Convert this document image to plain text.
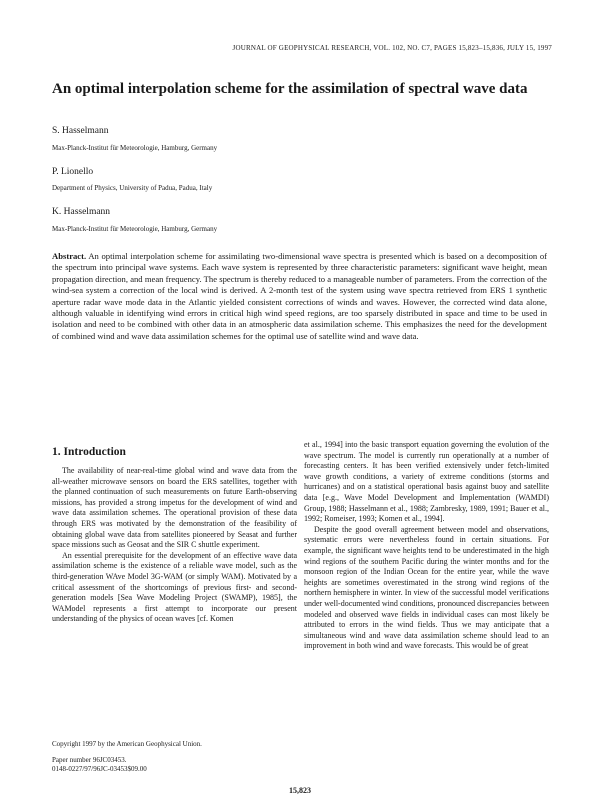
JOURNAL OF GEOPHYSICAL RESEARCH, VOL. 102, NO. C7, PAGES 15,823–15,836, JULY 15, 1997
An optimal interpolation scheme for the assimilation of spectral wave data
S. Hasselmann
Max-Planck-Institut für Meteorologie, Hamburg, Germany
P. Lionello
Department of Physics, University of Padua, Padua, Italy
K. Hasselmann
Max-Planck-Institut für Meteorologie, Hamburg, Germany
Abstract. An optimal interpolation scheme for assimilating two-dimensional wave spectra is presented which is based on a decomposition of the spectrum into principal wave systems. Each wave system is represented by three characteristic parameters: significant wave height, mean propagation direction, and mean frequency. The spectrum is thereby reduced to a manageable number of parameters. From the correction of the wind-sea system a correction of the local wind is derived. A 2-month test of the system using wave spectra retrieved from ERS 1 synthetic aperture radar wave mode data in the Atlantic yielded consistent corrections of winds and waves. However, the corrected wind data alone, although valuable in identifying wind errors in critical high wind speed regions, are too sparsely distributed in space and time to be used in isolation and need to be combined with other data in an atmospheric data assimilation scheme. This emphasizes the need for the development of combined wind and wave data assimilation schemes for the optimal use of satellite wind and wave data.
1. Introduction

The availability of near-real-time global wind and wave data from the all-weather microwave sensors on board the ERS satellites, together with the planned continuation of such measurements on future Earth-observing missions, has provided a strong impetus for the development of wind and wave data assimilation schemes. The operational provision of these data through ERS was motivated by the demonstration of the feasibility of obtaining global wave data from satellites pioneered by Seasat and further space missions such as Geosat and the SIR C shuttle experiment.

An essential prerequisite for the development of an effective wave data assimilation scheme is the existence of a reliable wave model, such as the third-generation WAve Model 3G-WAM (or simply WAM). Motivated by a critical assessment of the shortcomings of previous first- and second-generation models [Sea Wave Modeling Project (SWAMP), 1985], the WAModel represents a first attempt to incorporate our present understanding of the physics of ocean waves [cf. Komen

et al., 1994] into the basic transport equation governing the evolution of the wave spectrum. The model is currently run operationally at a number of forecasting centers. It has been verified extensively under fetch-limited wave growth conditions, a variety of extreme conditions (storms and hurricanes) and on a statistical operational basis against buoy and satellite data [e.g., Wave Model Development and Implementation (WAMDI) Group, 1988; Hasselmann et al., 1988; Zambresky, 1989, 1991; Bauer et al., 1992; Romeiser, 1993; Komen et al., 1994].

Despite the good overall agreement between model and observations, systematic errors were nevertheless found in certain situations. For example, the significant wave heights tend to be underestimated in the high wind regions of the southern Pacific during the winter months and for the monsoon region of the Indian Ocean for the entire year, while the wave heights are sometimes overestimated in the strong wind regions of the northern hemisphere in winter. In view of the successful model verifications under well-documented wind conditions, pronounced discrepancies between modeled and observed wave fields in individual cases can most likely be attributed to errors in the wind fields. Thus we may anticipate that a simultaneous wind and wave data assimilation scheme should lead to an improvement in both wind and wave forecasts. This would be of great

Copyright 1997 by the American Geophysical Union.
Paper number 96JC03453.
0148-0227/97/96JC-03453$09.00
15,823
